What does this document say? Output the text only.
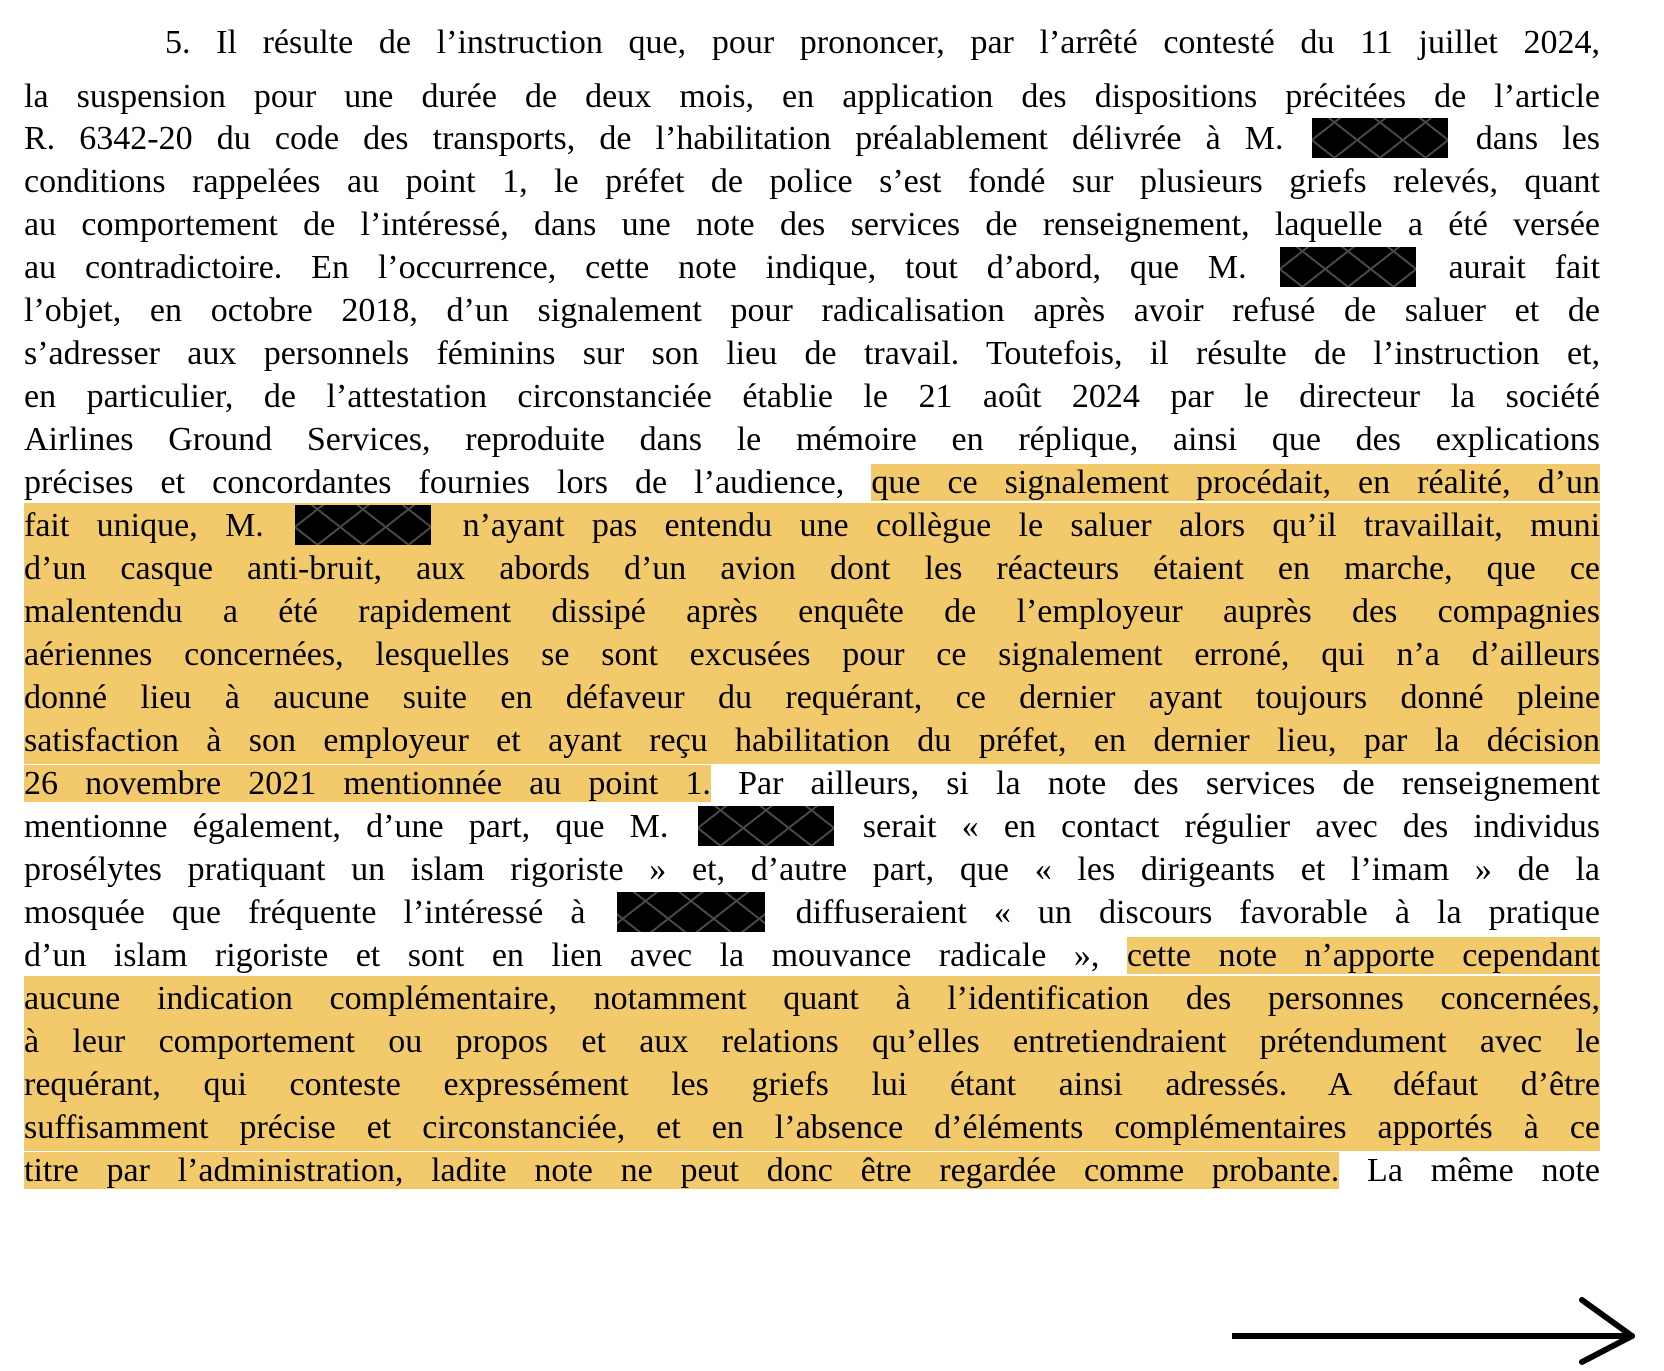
5. Il résulte de l’instruction que, pour prononcer, par l’arrêté contesté du 11 juillet 2024,
la suspension pour une durée de deux mois, en application des dispositions précitées de l’article
R. 6342-20 du code des transports, de l’habilitation préalablement délivrée à M.	dans les
conditions rappelées au point 1, le préfet de police s’est fondé sur plusieurs griefs relevés, quant
au comportement de l’intéressé, dans une note des services de renseignement, laquelle a été versée
au contradictoire. En l’occurrence, cette note indique, tout d’abord, que M.	aurait fait
l’objet, en octobre 2018, d’un signalement pour radicalisation après avoir refusé de saluer et de
s’adresser aux personnels féminins sur son lieu de travail. Toutefois, il résulte de l’instruction et,
en particulier, de l’attestation circonstanciée établie le 21 août 2024 par le directeur la société
Airlines Ground Services, reproduite dans le mémoire en réplique, ainsi que des explications
précises et concordantes fournies lors de l’audience, que ce signalement procédait, en réalité, d’un
fait unique, M.	n’ayant pas entendu une collègue le saluer alors qu’il travaillait, muni
d’un casque anti-bruit, aux abords d’un avion dont les réacteurs étaient en marche, que ce
malentendu a été rapidement dissipé après enquête de l’employeur auprès des compagnies
aériennes concernées, lesquelles se sont excusées pour ce signalement erroné, qui n’a d’ailleurs
donné lieu à aucune suite en défaveur du requérant, ce dernier ayant toujours donné pleine
satisfaction à son employeur et ayant reçu habilitation du préfet, en dernier lieu, par la décision
26 novembre 2021 mentionnée au point 1. Par ailleurs, si la note des services de renseignement
mentionne également, d’une part, que M.	serait « en contact régulier avec des individus
prosélytes pratiquant un islam rigoriste » et, d’autre part, que « les dirigeants et l’imam » de la
mosquée que fréquente l’intéressé à	diffuseraient « un discours favorable à la pratique
d’un islam rigoriste et sont en lien avec la mouvance radicale », cette note n’apporte cependant
aucune indication complémentaire, notamment quant à l’identification des personnes concernées,
à leur comportement ou propos et aux relations qu’elles entretiendraient prétendument avec le
requérant, qui conteste expressément les griefs lui étant ainsi adressés. A défaut d’être
suffisamment précise et circonstanciée, et en l’absence d’éléments complémentaires apportés à ce
titre par l’administration, ladite note ne peut donc être regardée comme probante. La même note
